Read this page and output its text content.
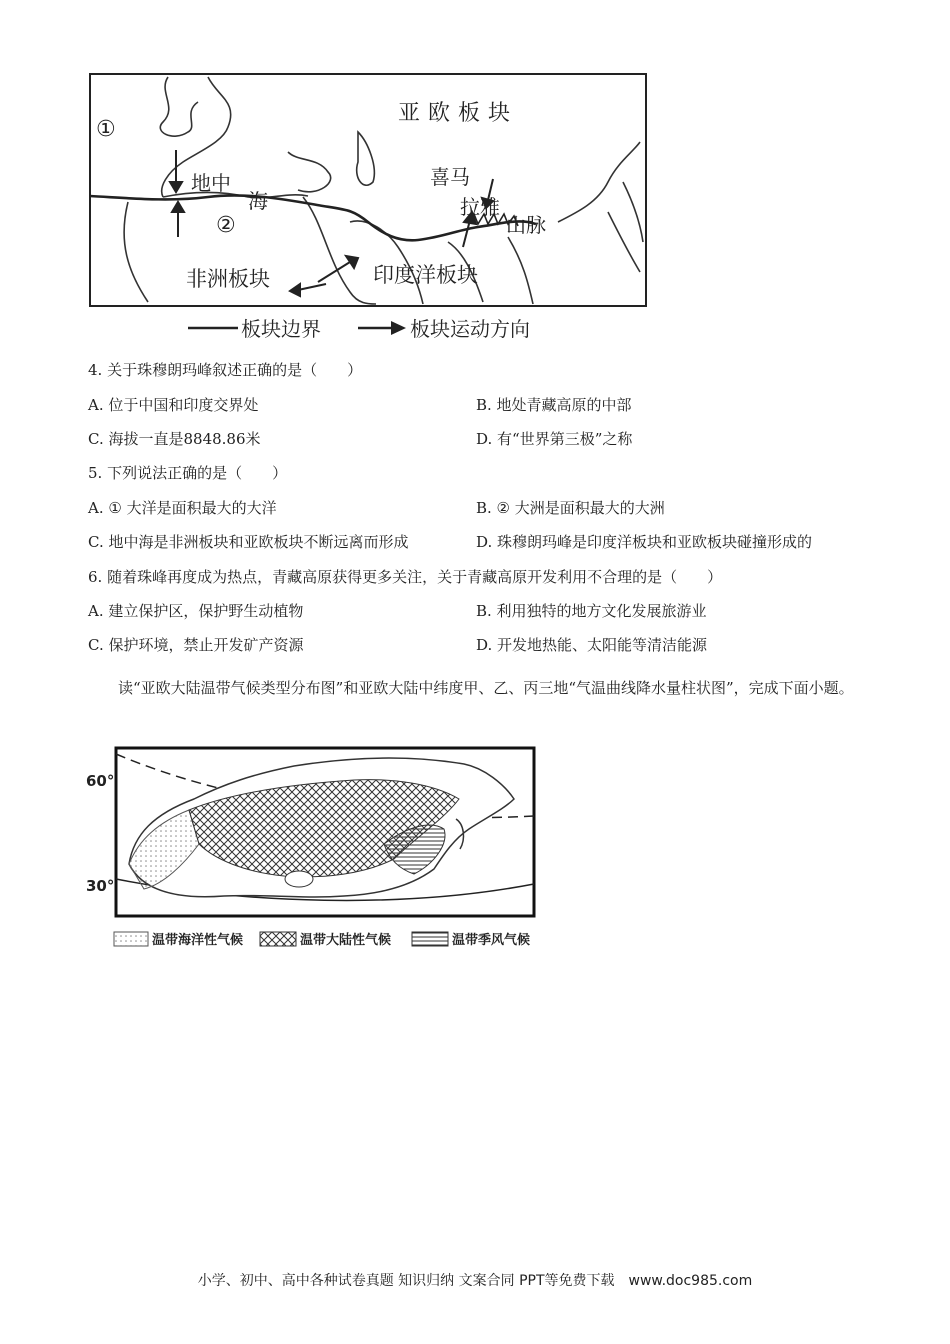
亚欧板块
①
地中
海
②
喜马
拉雅
山脉
非洲板块	印度洋板块
板块边界	板块运动方向
4. 关于珠穆朗玛峰叙述正确的是（　　）
A. 位于中国和印度交界处	B. 地处青藏高原的中部
C. 海拔一直是8848.86米	D. 有“世界第三极”之称
5. 下列说法正确的是（　　）
A. ① 大洋是面积最大的大洋	B. ② 大洲是面积最大的大洲
C. 地中海是非洲板块和亚欧板块不断远离而形成	D. 珠穆朗玛峰是印度洋板块和亚欧板块碰撞形成的
6. 随着珠峰再度成为热点，青藏高原获得更多关注，关于青藏高原开发利用不合理的是（　　）
A. 建立保护区，保护野生动植物	B. 利用独特的地方文化发展旅游业
C. 保护环境，禁止开发矿产资源	D. 开发地热能、太阳能等清洁能源
读“亚欧大陆温带气候类型分布图”和亚欧大陆中纬度甲、乙、丙三地“气温曲线降水量柱状图”，完成下面小题。
60°
30°
温带海洋性气候	温带大陆性气候	温带季风气候
小学、初中、高中各种试卷真题 知识归纳 文案合同 PPT等免费下载　www.doc985.com
